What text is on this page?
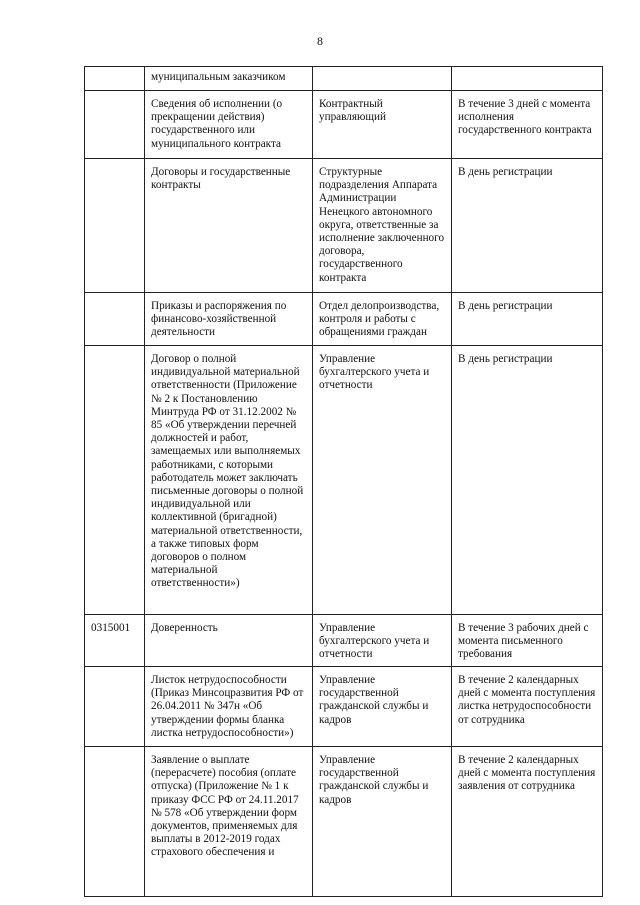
8
	муниципальным заказчиком		
	Сведения об исполнении (о прекращении действия) государственного или муниципального контракта	Контрактный управляющий	В течение 3 дней с момента исполнения государственного контракта
	Договоры и государственные контракты	Структурные подразделения Аппарата Администрации Ненецкого автономного округа, ответственные за исполнение заключенного договора, государственного контракта	В день регистрации
	Приказы и распоряжения по финансово-хозяйственной деятельности	Отдел делопроизводства, контроля и работы с обращениями граждан	В день регистрации
	Договор о полной индивидуальной материальной ответственности (Приложение № 2 к Постановлению Минтруда РФ от 31.12.2002 № 85 «Об утверждении перечней должностей и работ, замещаемых или выполняемых работниками, с которыми работодатель может заключать письменные договоры о полной индивидуальной или коллективной (бригадной) материальной ответственности, а также типовых форм договоров о полном материальной ответственности»)	Управление бухгалтерского учета и отчетности	В день регистрации
0315001	Доверенность	Управление бухгалтерского учета и отчетности	В течение 3 рабочих дней с момента письменного требования
	Листок нетрудоспособности (Приказ Минсоцразвития РФ от 26.04.2011 № 347н «Об утверждении формы бланка листка нетрудоспособности»)	Управление государственной гражданской службы и кадров	В течение 2 календарных дней с момента поступления листка нетрудоспособности от сотрудника
	Заявление о выплате (перерасчете) пособия (оплате отпуска) (Приложение № 1 к приказу ФСС РФ от 24.11.2017 № 578 «Об утверждении форм документов, применяемых для выплаты в 2012-2019 годах страхового обеспечения и	Управление государственной гражданской службы и кадров	В течение 2 календарных дней с момента поступления заявления от сотрудника
